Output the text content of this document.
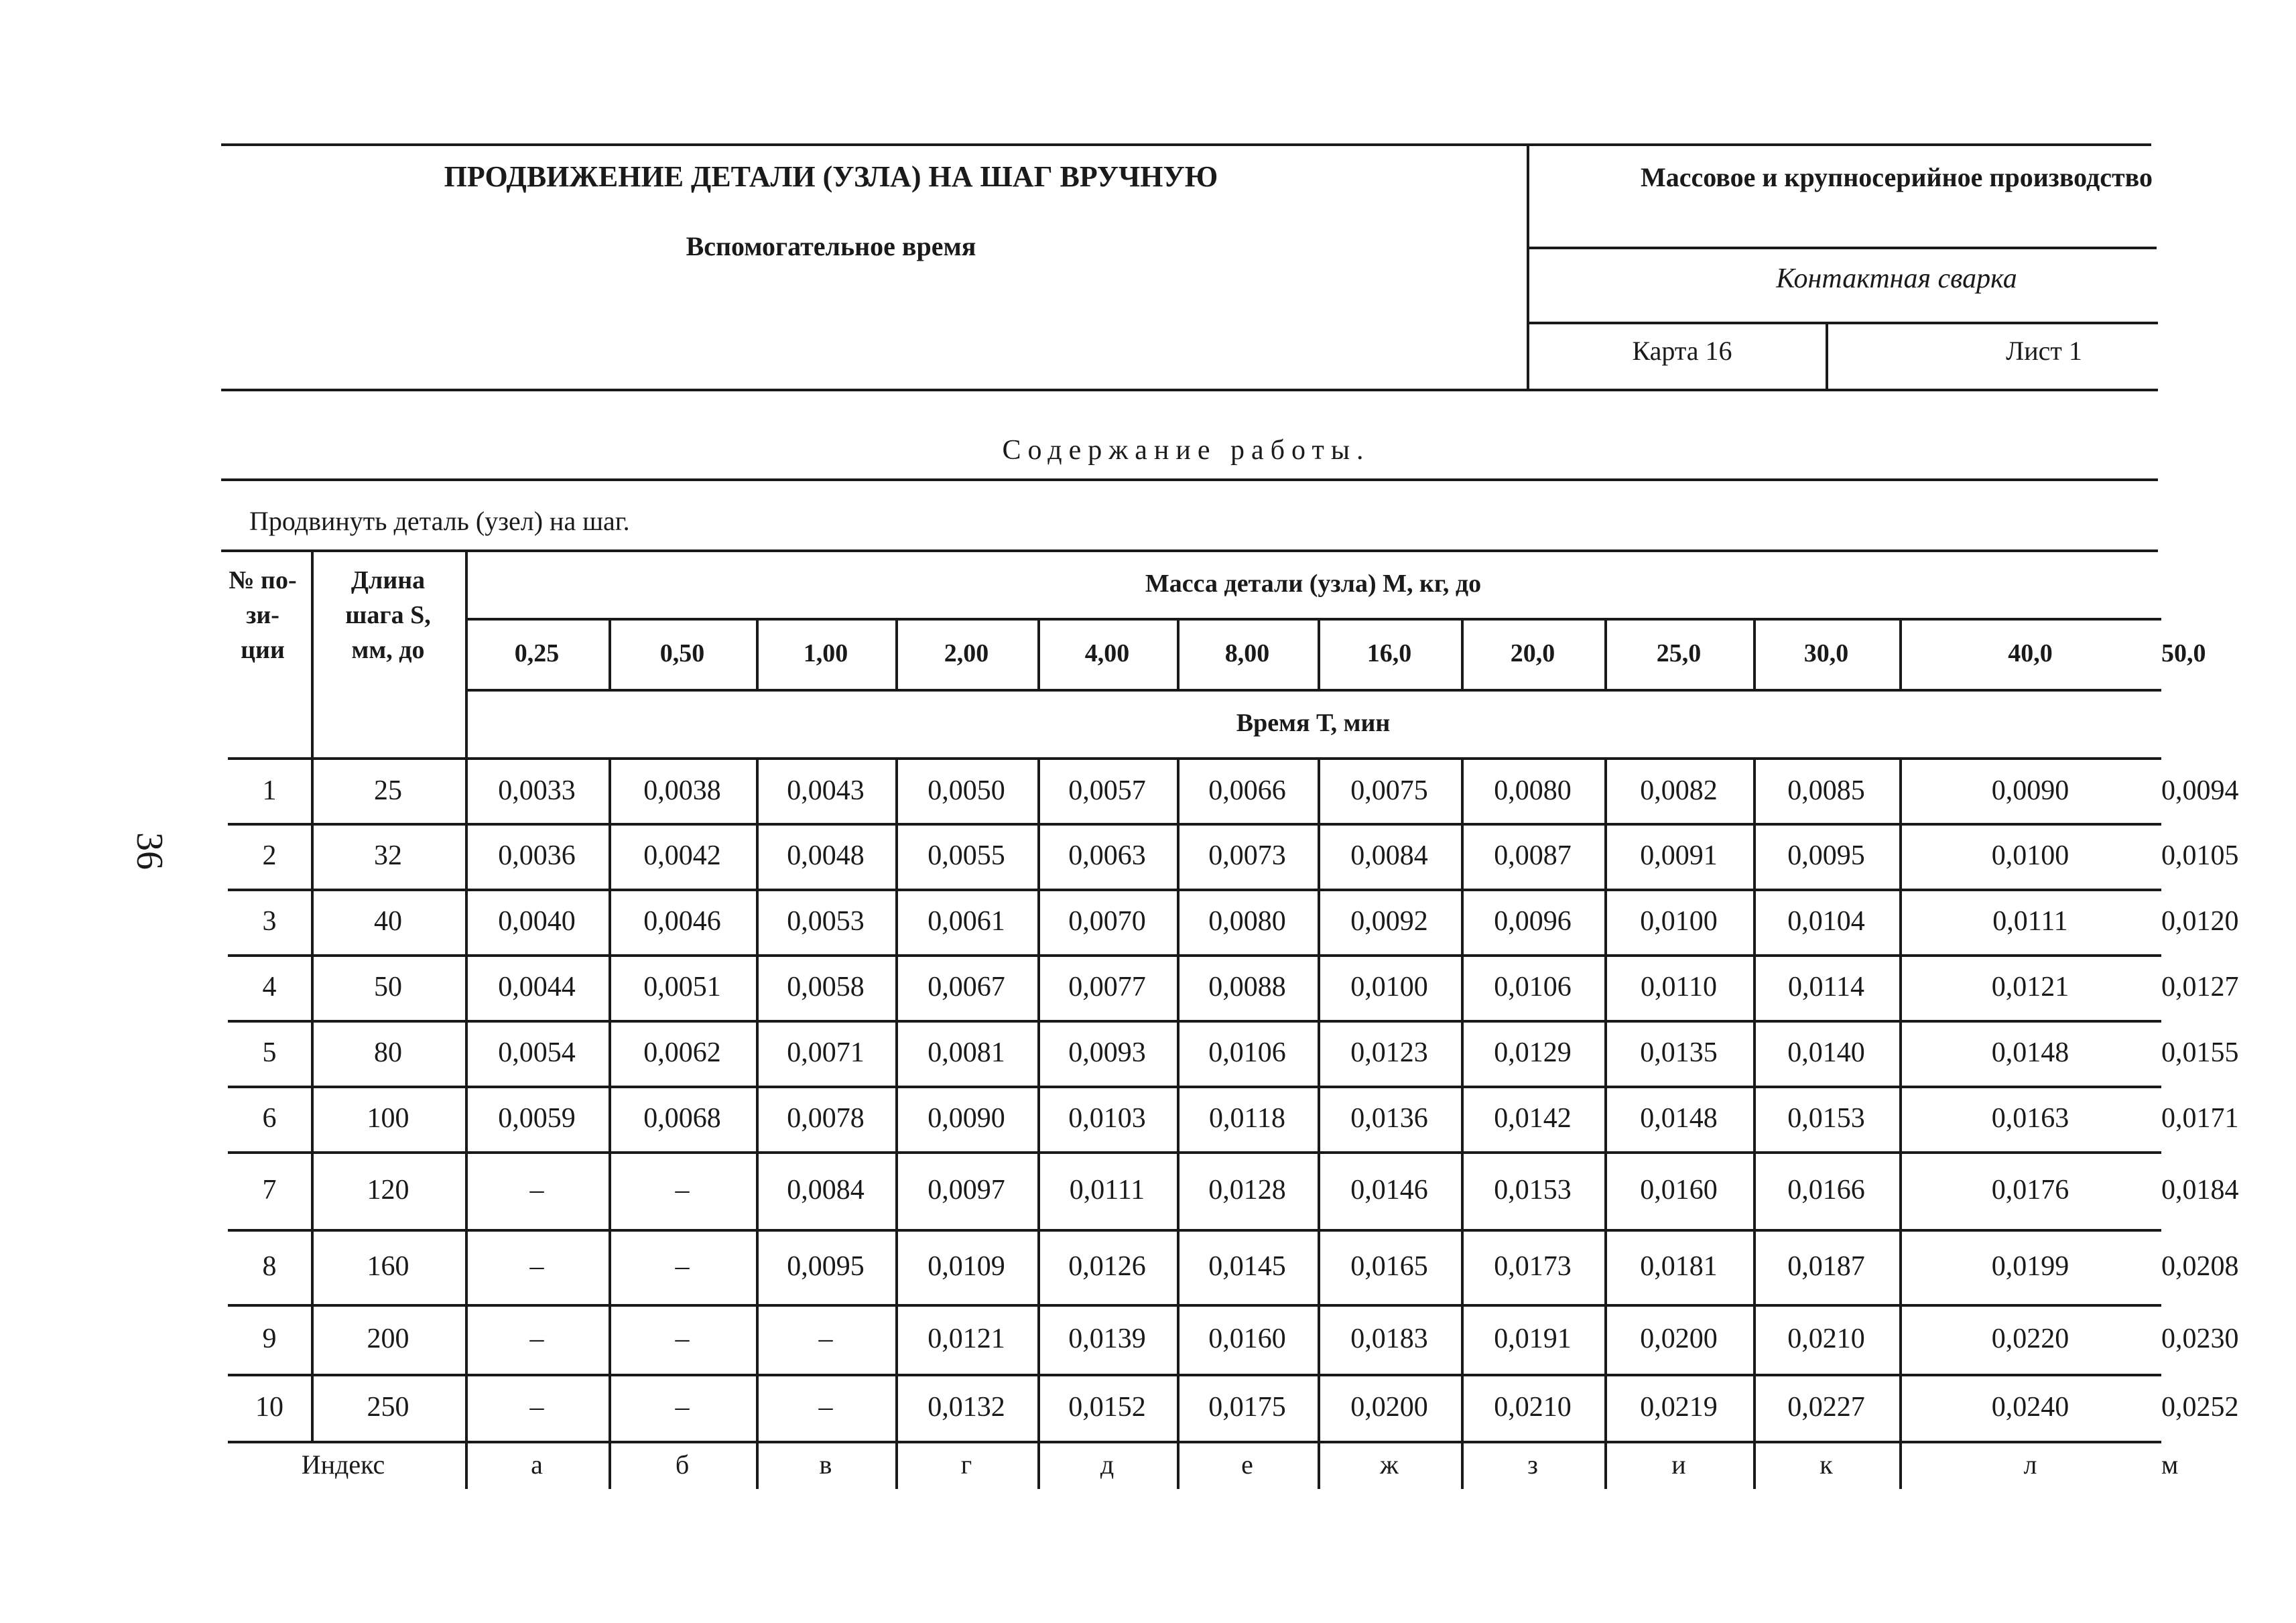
36
ПРОДВИЖЕНИЕ ДЕТАЛИ (УЗЛА) НА ШАГ ВРУЧНУЮ
Вспомогательное время
Массовое и крупносерийное производство
Контактная сварка
Карта 16	Лист 1
Содержание работы.
Продвинуть деталь (узел) на шаг.
№ по-
зи-
ции
Длина
шага S,
мм, до
Масса детали (узла) М, кг, до
0,25	0,50	1,00	2,00	4,00	8,00	16,0	20,0	25,0	30,0	40,0	50,0
Время Т, мин
1	25	0,0033	0,0038	0,0043	0,0050	0,0057	0,0066	0,0075	0,0080	0,0082	0,0085	0,0090	0,0094
2	32	0,0036	0,0042	0,0048	0,0055	0,0063	0,0073	0,0084	0,0087	0,0091	0,0095	0,0100	0,0105
3	40	0,0040	0,0046	0,0053	0,0061	0,0070	0,0080	0,0092	0,0096	0,0100	0,0104	0,0111	0,0120
4	50	0,0044	0,0051	0,0058	0,0067	0,0077	0,0088	0,0100	0,0106	0,0110	0,0114	0,0121	0,0127
5	80	0,0054	0,0062	0,0071	0,0081	0,0093	0,0106	0,0123	0,0129	0,0135	0,0140	0,0148	0,0155
6	100	0,0059	0,0068	0,0078	0,0090	0,0103	0,0118	0,0136	0,0142	0,0148	0,0153	0,0163	0,0171
7	120	–	–	0,0084	0,0097	0,0111	0,0128	0,0146	0,0153	0,0160	0,0166	0,0176	0,0184
8	160	–	–	0,0095	0,0109	0,0126	0,0145	0,0165	0,0173	0,0181	0,0187	0,0199	0,0208
9	200	–	–	–	0,0121	0,0139	0,0160	0,0183	0,0191	0,0200	0,0210	0,0220	0,0230
10	250	–	–	–	0,0132	0,0152	0,0175	0,0200	0,0210	0,0219	0,0227	0,0240	0,0252
Индекс	а	б	в	г	д	е	ж	з	и	к	л	м
